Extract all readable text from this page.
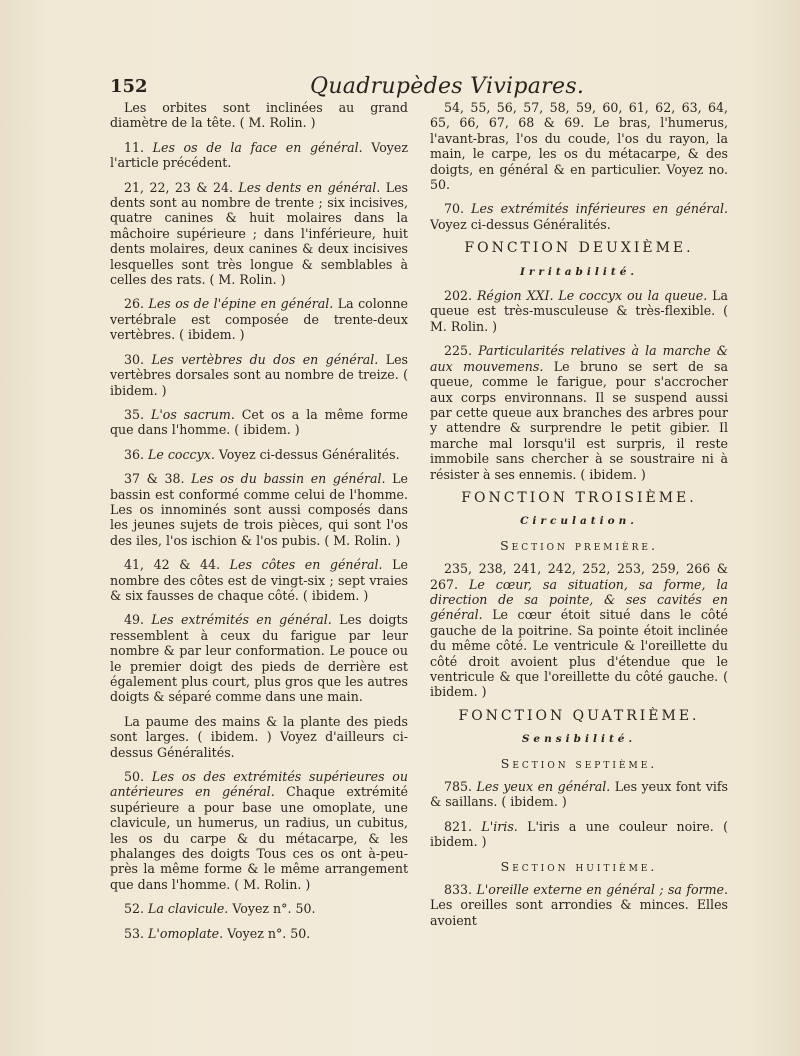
152	Quadrupèdes Vivipares.

Les orbites sont inclinées au grand diamètre de la tête. ( M. Rolin. )

11. Les os de la face en général. Voyez l'article précédent.

21, 22, 23 & 24. Les dents en général. Les dents sont au nombre de trente ; six incisives, quatre canines & huit molaires dans la mâchoire supérieure ; dans l'inférieure, huit dents molaires, deux canines & deux incisives lesquelles sont très longue & semblables à celles des rats. ( M. Rolin. )

26. Les os de l'épine en général. La colonne vertébrale est composée de trente-deux vertèbres. ( ibidem. )

30. Les vertèbres du dos en général. Les vertèbres dorsales sont au nombre de treize. ( ibidem. )

35. L'os sacrum. Cet os a la même forme que dans l'homme. ( ibidem. )

36. Le coccyx. Voyez ci-dessus Généralités.

37 & 38. Les os du bassin en général. Le bassin est conformé comme celui de l'homme. Les os innominés sont aussi composés dans les jeunes sujets de trois pièces, qui sont l'os des iles, l'os ischion & l'os pubis. ( M. Rolin. )

41, 42 & 44. Les côtes en général. Le nombre des côtes est de vingt-six ; sept vraies & six fausses de chaque côté. ( ibidem. )

49. Les extrémités en général. Les doigts ressemblent à ceux du farigue par leur nombre & par leur conformation. Le pouce ou le premier doigt des pieds de derrière est également plus court, plus gros que les autres doigts & séparé comme dans une main.

La paume des mains & la plante des pieds sont larges. ( ibidem. ) Voyez d'ailleurs ci-dessus Généralités.

50. Les os des extrémités supérieures ou antérieures en général. Chaque extrémité supérieure a pour base une omoplate, une clavicule, un humerus, un radius, un cubitus, les os du carpe & du métacarpe, & les phalanges des doigts Tous ces os ont à-peu-près la même forme & le même arrangement que dans l'homme. ( M. Rolin. )

52. La clavicule. Voyez n°. 50.

53. L'omoplate. Voyez n°. 50.

54, 55, 56, 57, 58, 59, 60, 61, 62, 63, 64, 65, 66, 67, 68 & 69. Le bras, l'humerus, l'avant-bras, l'os du coude, l'os du rayon, la main, le carpe, les os du métacarpe, & des doigts, en général & en particulier. Voyez no. 50.

70. Les extrémités inférieures en général. Voyez ci-dessus Généralités.

FONCTION DEUXIÈME.
Irritabilité.

202. Région XXI. Le coccyx ou la queue. La queue est très-musculeuse & très-flexible. ( M. Rolin. )

225. Particularités relatives à la marche & aux mouvemens. Le bruno se sert de sa queue, comme le farigue, pour s'accrocher aux corps environnans. Il se suspend aussi par cette queue aux branches des arbres pour y attendre & surprendre le petit gibier. Il marche mal lorsqu'il est surpris, il reste immobile sans chercher à se soustraire ni à résister à ses ennemis. ( ibidem. )

FONCTION TROISIÈME.
Circulation.
Section première.

235, 238, 241, 242, 252, 253, 259, 266 & 267. Le cœur, sa situation, sa forme, la direction de sa pointe, & ses cavités en général. Le cœur étoit situé dans le côté gauche de la poitrine. Sa pointe étoit inclinée du même côté. Le ventricule & l'oreillette du côté droit avoient plus d'étendue que le ventricule & que l'oreillette du côté gauche. ( ibidem. )

FONCTION QUATRIÈME.
Sensibilité.
Section septième.

785. Les yeux en général. Les yeux font vifs & saillans. ( ibidem. )

821. L'iris. L'iris a une couleur noire. ( ibidem. )

Section huitième.

833. L'oreille externe en général ; sa forme. Les oreilles sont arrondies & minces. Elles avoient
